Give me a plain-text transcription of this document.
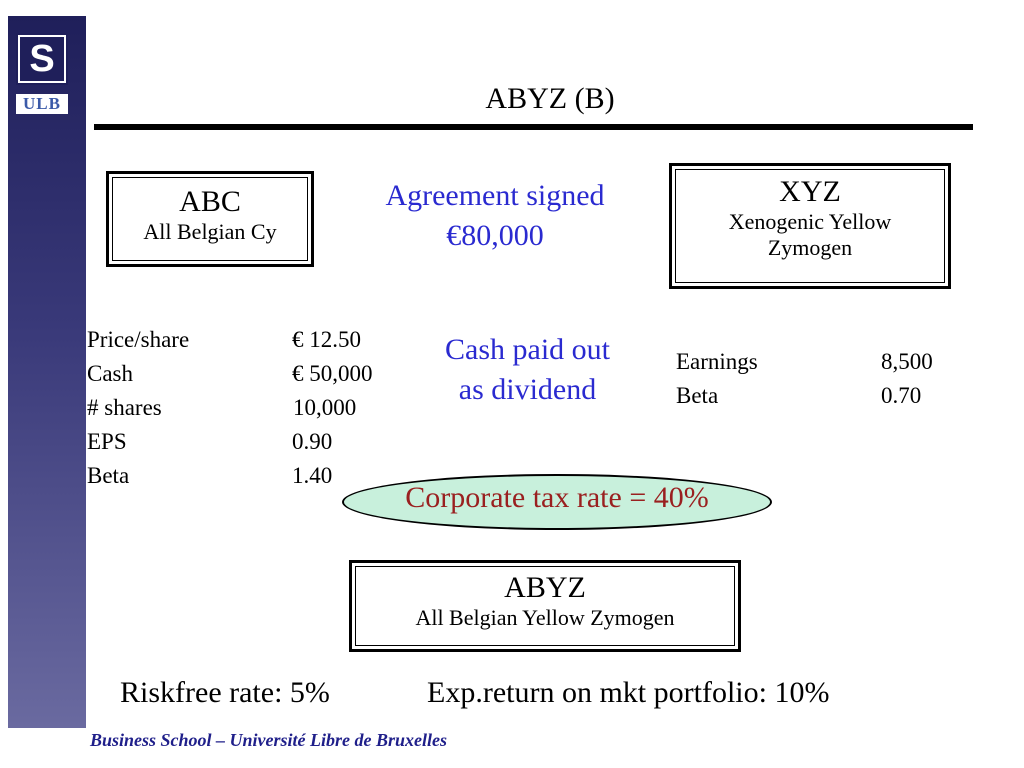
S
ULB	ABYZ (B)
ABC
All Belgian Cy
Agreement signed
€80,000
XYZ
Xenogenic Yellow
Zymogen
Price/share	€ 12.50
Cash	€ 50,000
# shares	10,000
EPS	0.90
Beta	1.40
Cash paid out
as dividend
Earnings	8,500
Beta	0.70
Corporate tax rate = 40%
ABYZ
All Belgian Yellow Zymogen
Riskfree rate: 5%	Exp.return on mkt portfolio: 10%
Solvay	Business School – Université Libre de Bruxelles
